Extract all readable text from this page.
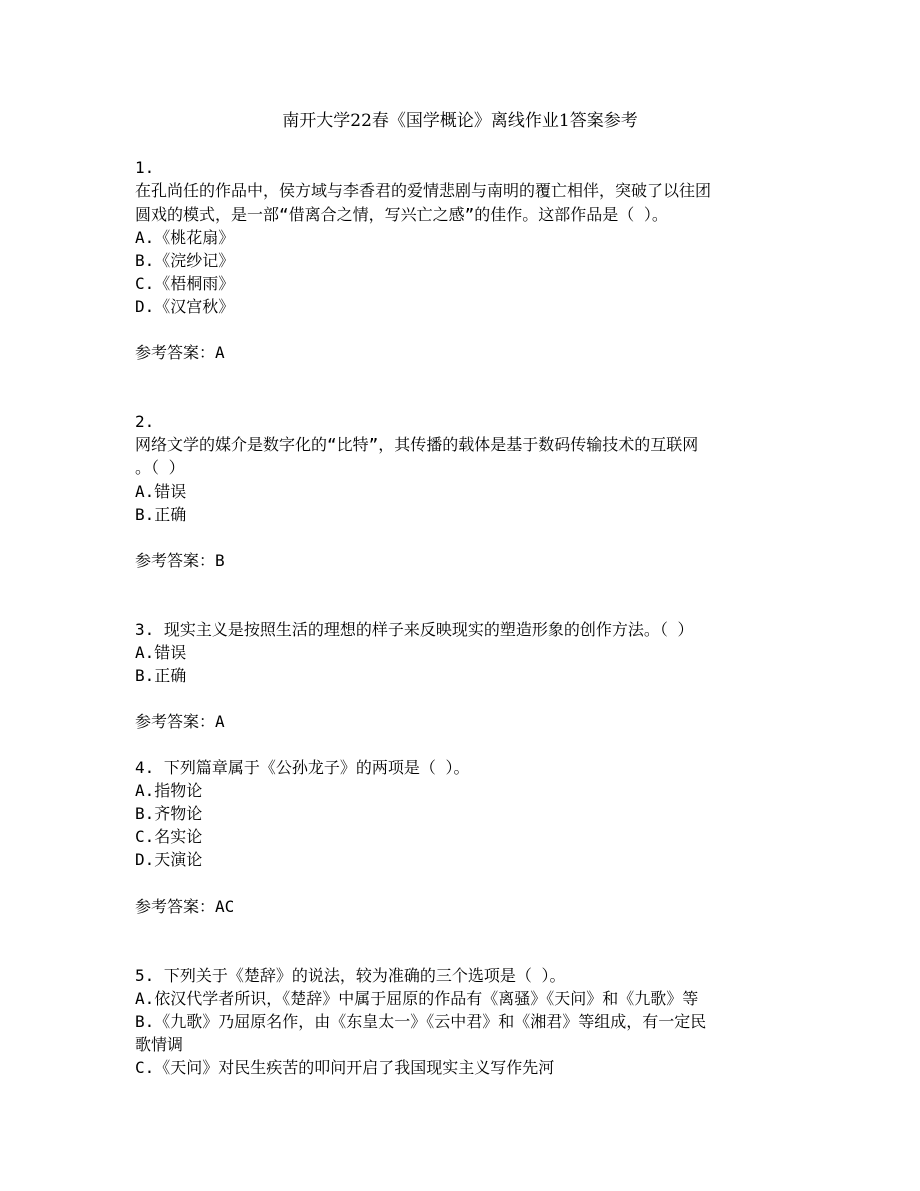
南开大学22春《国学概论》离线作业1答案参考
1.
在孔尚任的作品中，侯方域与李香君的爱情悲剧与南明的覆亡相伴，突破了以往团
圆戏的模式，是一部“借离合之情，写兴亡之感”的佳作。这部作品是（ ）。
A.《桃花扇》
B.《浣纱记》
C.《梧桐雨》
D.《汉宫秋》
参考答案：A
2.
网络文学的媒介是数字化的“比特”，其传播的载体是基于数码传输技术的互联网
。（ ）
A.错误
B.正确
参考答案：B
3. 现实主义是按照生活的理想的样子来反映现实的塑造形象的创作方法。（ ）
A.错误
B.正确
参考答案：A
4. 下列篇章属于《公孙龙子》的两项是（ ）。
A.指物论
B.齐物论
C.名实论
D.天演论
参考答案：AC
5. 下列关于《楚辞》的说法，较为准确的三个选项是（ ）。
A.依汉代学者所识，《楚辞》中属于屈原的作品有《离骚》《天问》和《九歌》等
B.《九歌》乃屈原名作，由《东皇太一》《云中君》和《湘君》等组成，有一定民
歌情调
C.《天问》对民生疾苦的叩问开启了我国现实主义写作先河
